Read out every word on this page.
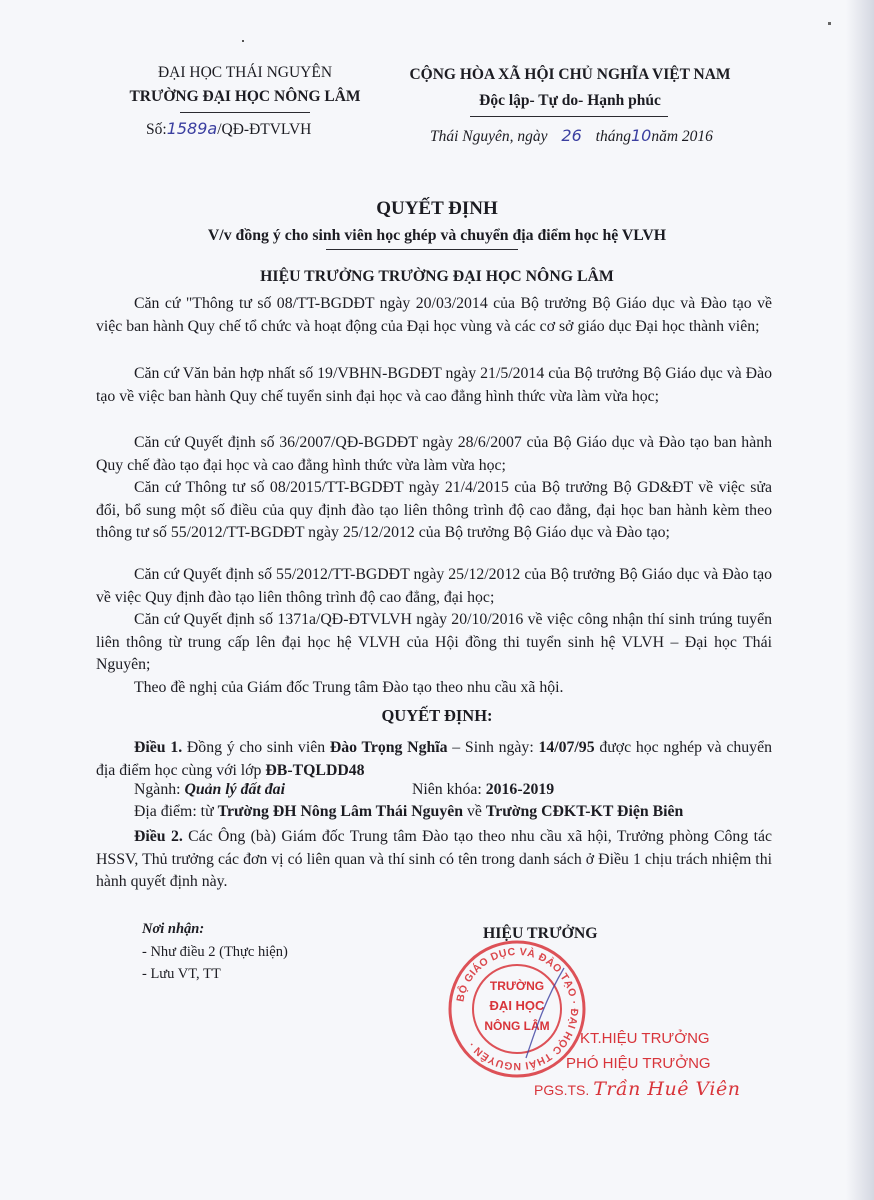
ĐẠI HỌC THÁI NGUYÊN
TRƯỜNG ĐẠI HỌC NÔNG LÂM
Số:1589a/QĐ-ĐTVLVH
CỘNG HÒA XÃ HỘI CHỦ NGHĨA VIỆT NAM
Độc lập- Tự do- Hạnh phúc
Thái Nguyên, ngày 26 tháng10năm 2016
QUYẾT ĐỊNH
V/v đồng ý cho sinh viên học ghép và chuyển địa điểm học hệ VLVH
HIỆU TRƯỞNG TRƯỜNG ĐẠI HỌC NÔNG LÂM
Căn cứ "Thông tư số 08/TT-BGDĐT ngày 20/03/2014 của Bộ trưởng Bộ Giáo dục và Đào tạo về việc ban hành Quy chế tổ chức và hoạt động của Đại học vùng và các cơ sở giáo dục Đại học thành viên;
Căn cứ Văn bản hợp nhất số 19/VBHN-BGDĐT ngày 21/5/2014 của Bộ trưởng Bộ Giáo dục và Đào tạo về việc ban hành Quy chế tuyển sinh đại học và cao đẳng hình thức vừa làm vừa học;
Căn cứ Quyết định số 36/2007/QĐ-BGDĐT ngày 28/6/2007 của Bộ Giáo dục và Đào tạo ban hành Quy chế đào tạo đại học và cao đẳng hình thức vừa làm vừa học;
Căn cứ Thông tư số 08/2015/TT-BGDĐT ngày 21/4/2015 của Bộ trưởng Bộ GD&ĐT về việc sửa đổi, bổ sung một số điều của quy định đào tạo liên thông trình độ cao đẳng, đại học ban hành kèm theo thông tư số 55/2012/TT-BGDĐT ngày 25/12/2012 của Bộ trưởng Bộ Giáo dục và Đào tạo;
Căn cứ Quyết định số 55/2012/TT-BGDĐT ngày 25/12/2012 của Bộ trưởng Bộ Giáo dục và Đào tạo về việc Quy định đào tạo liên thông trình độ cao đẳng, đại học;
Căn cứ Quyết định số 1371a/QĐ-ĐTVLVH ngày 20/10/2016 về việc công nhận thí sinh trúng tuyển liên thông từ trung cấp lên đại học hệ VLVH của Hội đồng thi tuyển sinh hệ VLVH – Đại học Thái Nguyên;
Theo đề nghị của Giám đốc Trung tâm Đào tạo theo nhu cầu xã hội.
QUYẾT ĐỊNH:
Điều 1. Đồng ý cho sinh viên Đào Trọng Nghĩa – Sinh ngày: 14/07/95 được học nghép và chuyển địa điểm học cùng với lớp ĐB-TQLDD48
Ngành: Quản lý đất đai	Niên khóa: 2016-2019
Địa điểm: từ Trường ĐH Nông Lâm Thái Nguyên về Trường CĐKT-KT Điện Biên
Điều 2. Các Ông (bà) Giám đốc Trung tâm Đào tạo theo nhu cầu xã hội, Trưởng phòng Công tác HSSV, Thủ trưởng các đơn vị có liên quan và thí sinh có tên trong danh sách ở Điều 1 chịu trách nhiệm thi hành quyết định này.
Nơi nhận:
- Như điều 2 (Thực hiện)
- Lưu VT, TT
HIỆU TRƯỞNG
BỘ GIÁO DỤC VÀ ĐÀO TẠO · ĐẠI HỌC THÁI NGUYÊN ·
TRƯỜNG
ĐẠI HỌC
NÔNG LÂM
KT.HIỆU TRƯỞNG
PHÓ HIỆU TRƯỞNG
PGS.TS. Trần Huê Viên
